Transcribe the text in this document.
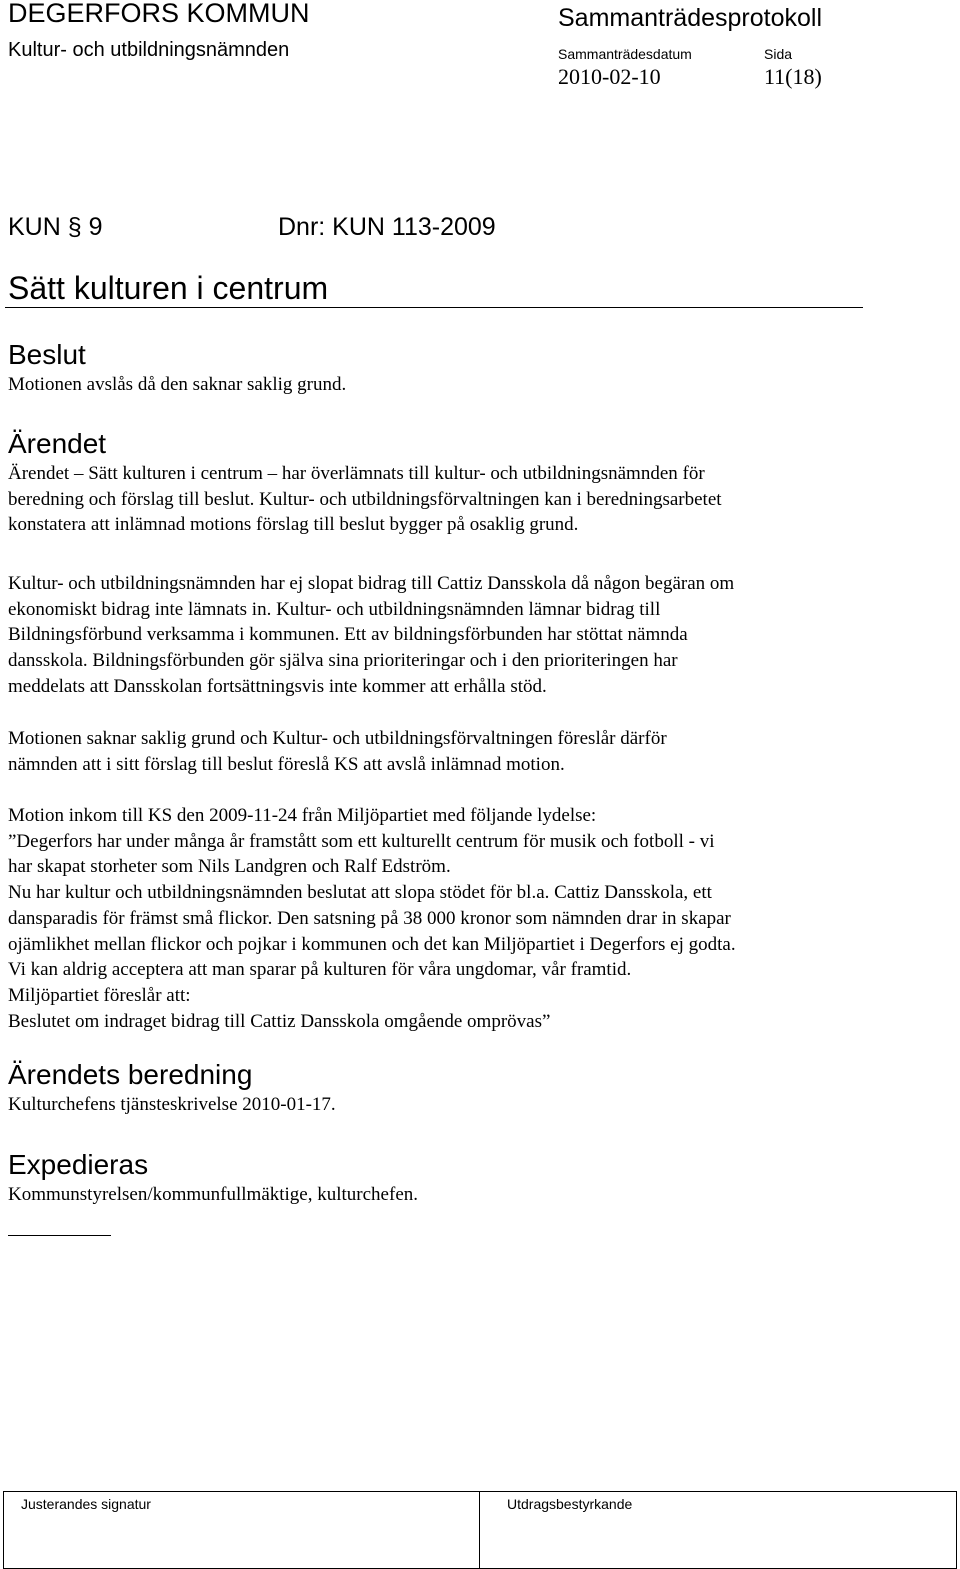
DEGERFORS KOMMUN
Kultur- och utbildningsnämnden
Sammanträdesprotokoll
Sammanträdesdatum	Sida
2010-02-10	11(18)
KUN § 9	Dnr: KUN 113-2009
Sätt kulturen i centrum
Beslut

Motionen avslås då den saknar saklig grund.

Ärendet

Ärendet – Sätt kulturen i centrum – har överlämnats till kultur- och utbildningsnämnden för
beredning och förslag till beslut. Kultur- och utbildningsförvaltningen kan i beredningsarbetet
konstatera att inlämnad motions förslag till beslut bygger på osaklig grund.

Kultur- och utbildningsnämnden har ej slopat bidrag till Cattiz Dansskola då någon begäran om
ekonomiskt bidrag inte lämnats in. Kultur- och utbildningsnämnden lämnar bidrag till
Bildningsförbund verksamma i kommunen. Ett av bildningsförbunden har stöttat nämnda
dansskola. Bildningsförbunden gör själva sina prioriteringar och i den prioriteringen har
meddelats att Dansskolan fortsättningsvis inte kommer att erhålla stöd.

Motionen saknar saklig grund och Kultur- och utbildningsförvaltningen föreslår därför
nämnden att i sitt förslag till beslut föreslå KS att avslå inlämnad motion.

Motion inkom till KS den 2009-11-24 från Miljöpartiet med följande lydelse:
”Degerfors har under många år framstått som ett kulturellt centrum för musik och fotboll - vi
har skapat storheter som Nils Landgren och Ralf Edström.
Nu har kultur och utbildningsnämnden beslutat att slopa stödet för bl.a. Cattiz Dansskola, ett
dansparadis för främst små flickor. Den satsning på 38 000 kronor som nämnden drar in skapar
ojämlikhet mellan flickor och pojkar i kommunen och det kan Miljöpartiet i Degerfors ej godta.
Vi kan aldrig acceptera att man sparar på kulturen för våra ungdomar, vår framtid.
Miljöpartiet föreslår att:
Beslutet om indraget bidrag till Cattiz Dansskola omgående omprövas”

Ärendets beredning

Kulturchefens tjänsteskrivelse 2010-01-17.

Expedieras

Kommunstyrelsen/kommunfullmäktige, kulturchefen.

Justerandes signatur	Utdragsbestyrkande
